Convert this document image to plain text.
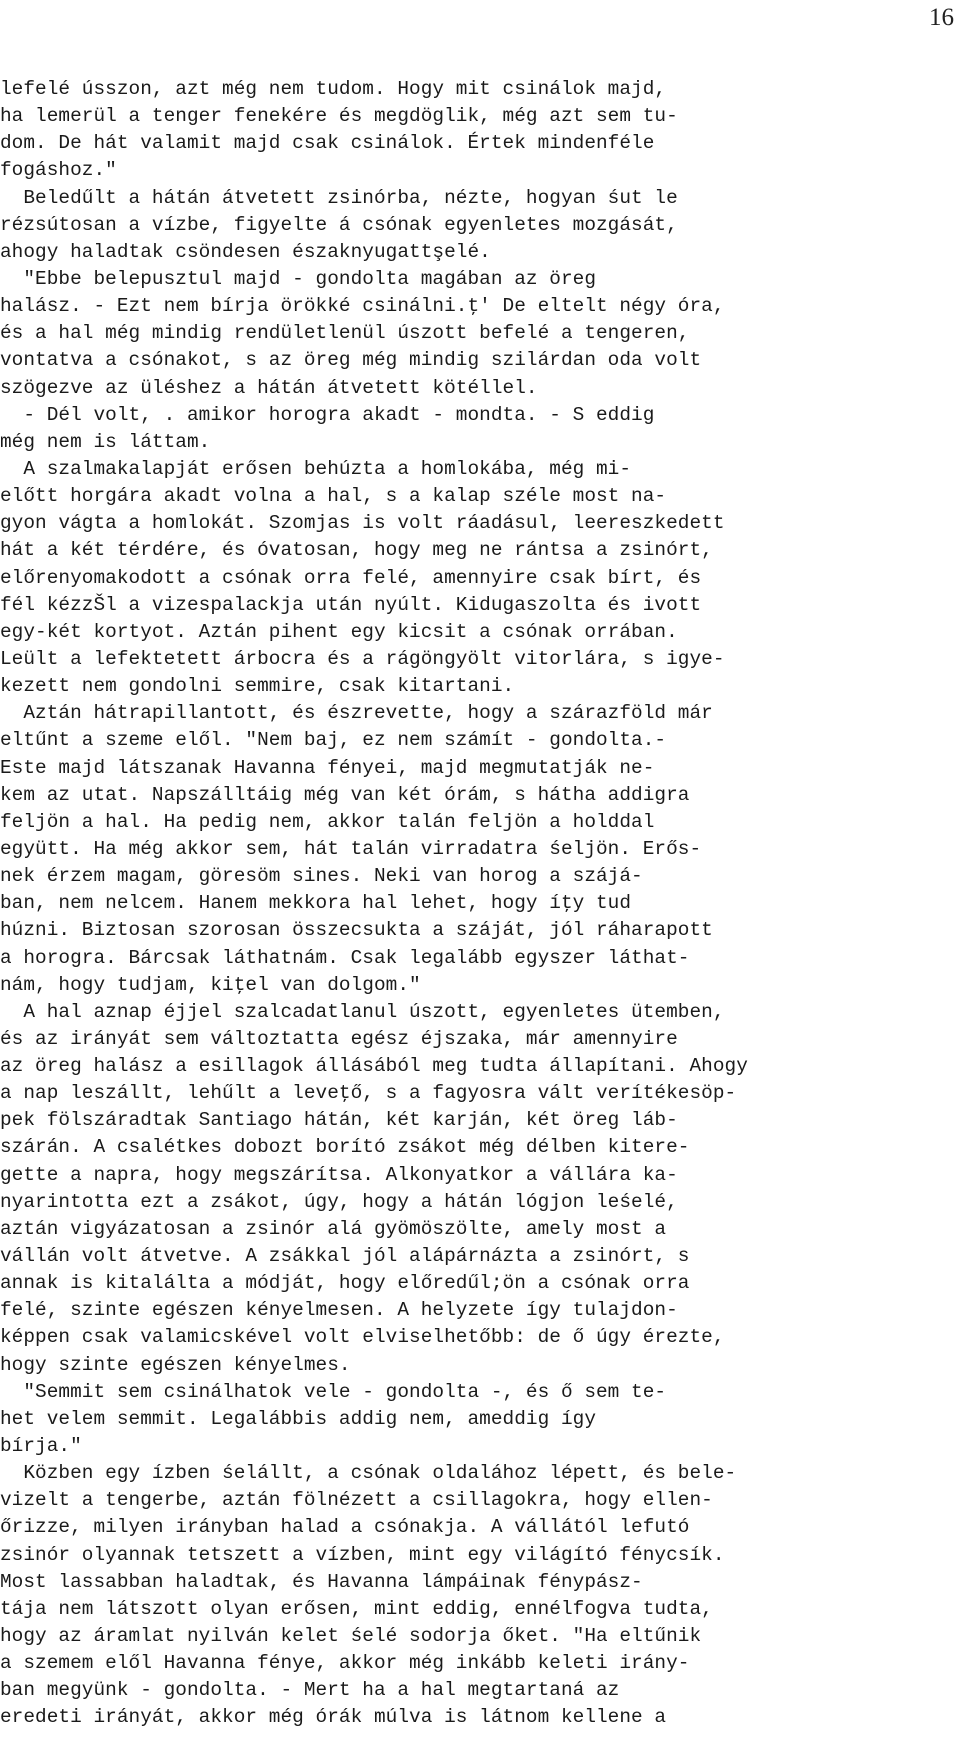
16
lefelé ússzon, azt még nem tudom. Hogy mit csinálok majd,
ha lemerül a tenger fenekére és megdöglik, még azt sem tu-
dom. De hát valamit majd csak csinálok. Értek mindenféle
fogáshoz."
Beledűlt a hátán átvetett zsinórba, nézte, hogyan śut le
rézsútosan a vízbe, figyelte á csónak egyenletes mozgását,
ahogy haladtak csöndesen északnyugattşelé.
"Ebbe belepusztul majd - gondolta magában az öreg
halász. - Ezt nem bírja örökké csinálni.ţ' De eltelt négy óra,
és a hal még mindig rendületlenül úszott befelé a tengeren,
vontatva a csónakot, s az öreg még mindig szilárdan oda volt
szögezve az üléshez a hátán átvetett kötéllel.
- Dél volt, . amikor horogra akadt - mondta. - S eddig
még nem is láttam.
A szalmakalapját erősen behúzta a homlokába, még mi-
előtt horgára akadt volna a hal, s a kalap széle most na-
gyon vágta a homlokát. Szomjas is volt ráadásul, leereszkedett
hát a két térdére, és óvatosan, hogy meg ne rántsa a zsinórt,
előrenyomakodott a csónak orra felé, amennyire csak bírt, és
fél kézzŠl a vizespalackja után nyúlt. Kidugaszolta és ivott
egy-két kortyot. Aztán pihent egy kicsit a csónak orrában.
Leült a lefektetett árbocra és a rágöngyölt vitorlára, s igye-
kezett nem gondolni semmire, csak kitartani.
Aztán hátrapillantott, és észrevette, hogy a szárazföld már
eltűnt a szeme elől. "Nem baj, ez nem számít - gondolta.-
Este majd látszanak Havanna fényei, majd megmutatják ne-
kem az utat. Napszálltáig még van két órám, s hátha addigra
feljön a hal. Ha pedig nem, akkor talán feljön a holddal
együtt. Ha még akkor sem, hát talán virradatra śeljön. Erős-
nek érzem magam, göresöm sines. Neki van horog a szájá-
ban, nem nelcem. Hanem mekkora hal lehet, hogy íţy tud
húzni. Biztosan szorosan összecsukta a száját, jól ráharapott
a horogra. Bárcsak láthatnám. Csak legalább egyszer láthat-
nám, hogy tudjam, kiţel van dolgom."
A hal aznap éjjel szalcadatlanul úszott, egyenletes ütemben,
és az irányát sem változtatta egész éjszaka, már amennyire
az öreg halász a esillagok állásából meg tudta állapítani. Ahogy
a nap leszállt, lehűlt a leveţő, s a fagyosra vált verítékesöp-
pek fölszáradtak Santiago hátán, két karján, két öreg láb-
szárán. A csalétkes dobozt borító zsákot még délben kitere-
gette a napra, hogy megszárítsa. Alkonyatkor a vállára ka-
nyarintotta ezt a zsákot, úgy, hogy a hátán lógjon leśelé,
aztán vigyázatosan a zsinór alá gyömöszölte, amely most a
vállán volt átvetve. A zsákkal jól alápárnázta a zsinórt, s
annak is kitalálta a módját, hogy előredűl;ön a csónak orra
felé, szinte egészen kényelmesen. A helyzete így tulajdon-
képpen csak valamicskével volt elviselhetőbb: de ő úgy érezte,
hogy szinte egészen kényelmes.
"Semmit sem csinálhatok vele - gondolta -, és ő sem te-
het velem semmit. Legalábbis addig nem, ameddig így
bírja."
Közben egy ízben śelállt, a csónak oldalához lépett, és bele-
vizelt a tengerbe, aztán fölnézett a csillagokra, hogy ellen-
őrizze, milyen irányban halad a csónakja. A vállától lefutó
zsinór olyannak tetszett a vízben, mint egy világító fénycsík.
Most lassabban haladtak, és Havanna lámpáinak fénypász-
tája nem látszott olyan erősen, mint eddig, ennélfogva tudta,
hogy az áramlat nyilván kelet śelé sodorja őket. "Ha eltűnik
a szemem elől Havanna fénye, akkor még inkább keleti irány-
ban megyünk - gondolta. - Mert ha a hal megtartaná az
eredeti irányát, akkor még órák múlva is látnom kellene a
